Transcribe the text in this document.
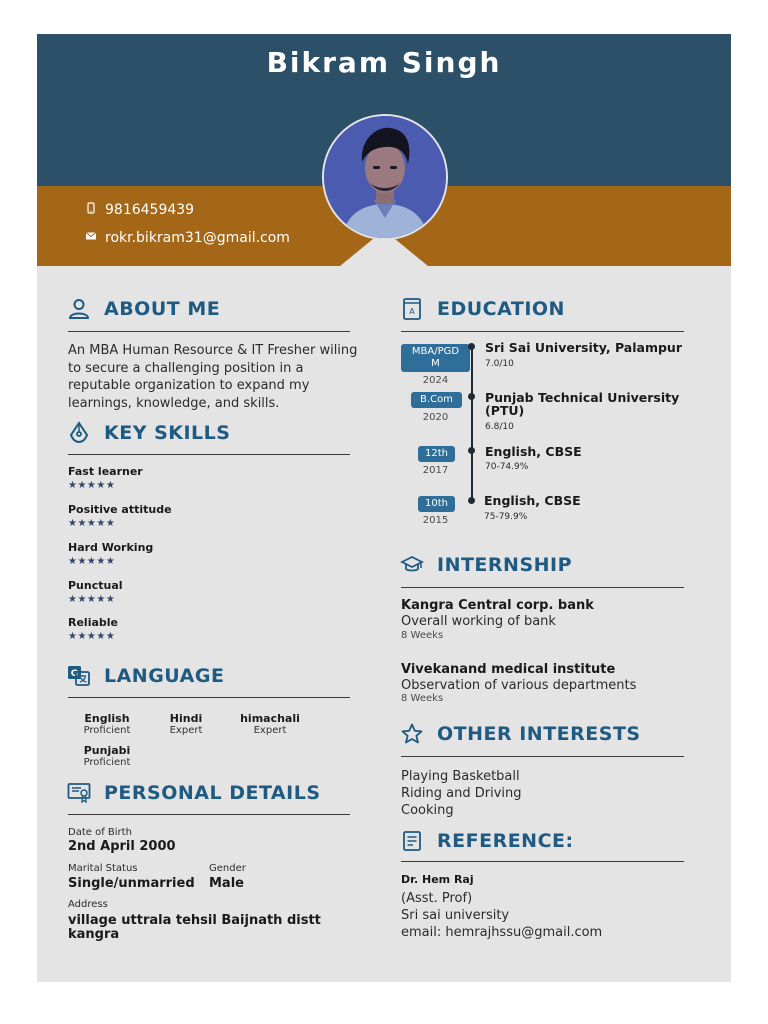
Bikram Singh
9816459439
rokr.bikram31@gmail.com
ABOUT ME
An MBA Human Resource & IT Fresher wiling
to secure a challenging position in a
reputable organization to expand my
learnings, knowledge, and skills.
KEY SKILLS
Fast learner
★★★★★
Positive attitude
★★★★★
Hard Working
★★★★★
Punctual
★★★★★
Reliable
★★★★★
G LANGUAGE
English
Proficient
Hindi
Expert
himachali
Expert
Punjabi
Proficient
PERSONAL DETAILS
Date of Birth
2nd April 2000
Marital Status
Single/unmarried
Gender
Male
Address
village uttrala tehsil Baijnath distt
kangra
A EDUCATION
MBA/PGD
M
2024
Sri Sai University, Palampur
7.0/10
B.Com
2020
Punjab Technical University
(PTU)
6.8/10
12th
2017
English, CBSE
70-74.9%
10th
2015
English, CBSE
75-79.9%
INTERNSHIP
Kangra Central corp. bank
Overall working of bank
8 Weeks
Vivekanand medical institute
Observation of various departments
8 Weeks
OTHER INTERESTS
Playing Basketball
Riding and Driving
Cooking
REFERENCE:
Dr. Hem Raj
(Asst. Prof)
Sri sai university
email: hemrajhssu@gmail.com
